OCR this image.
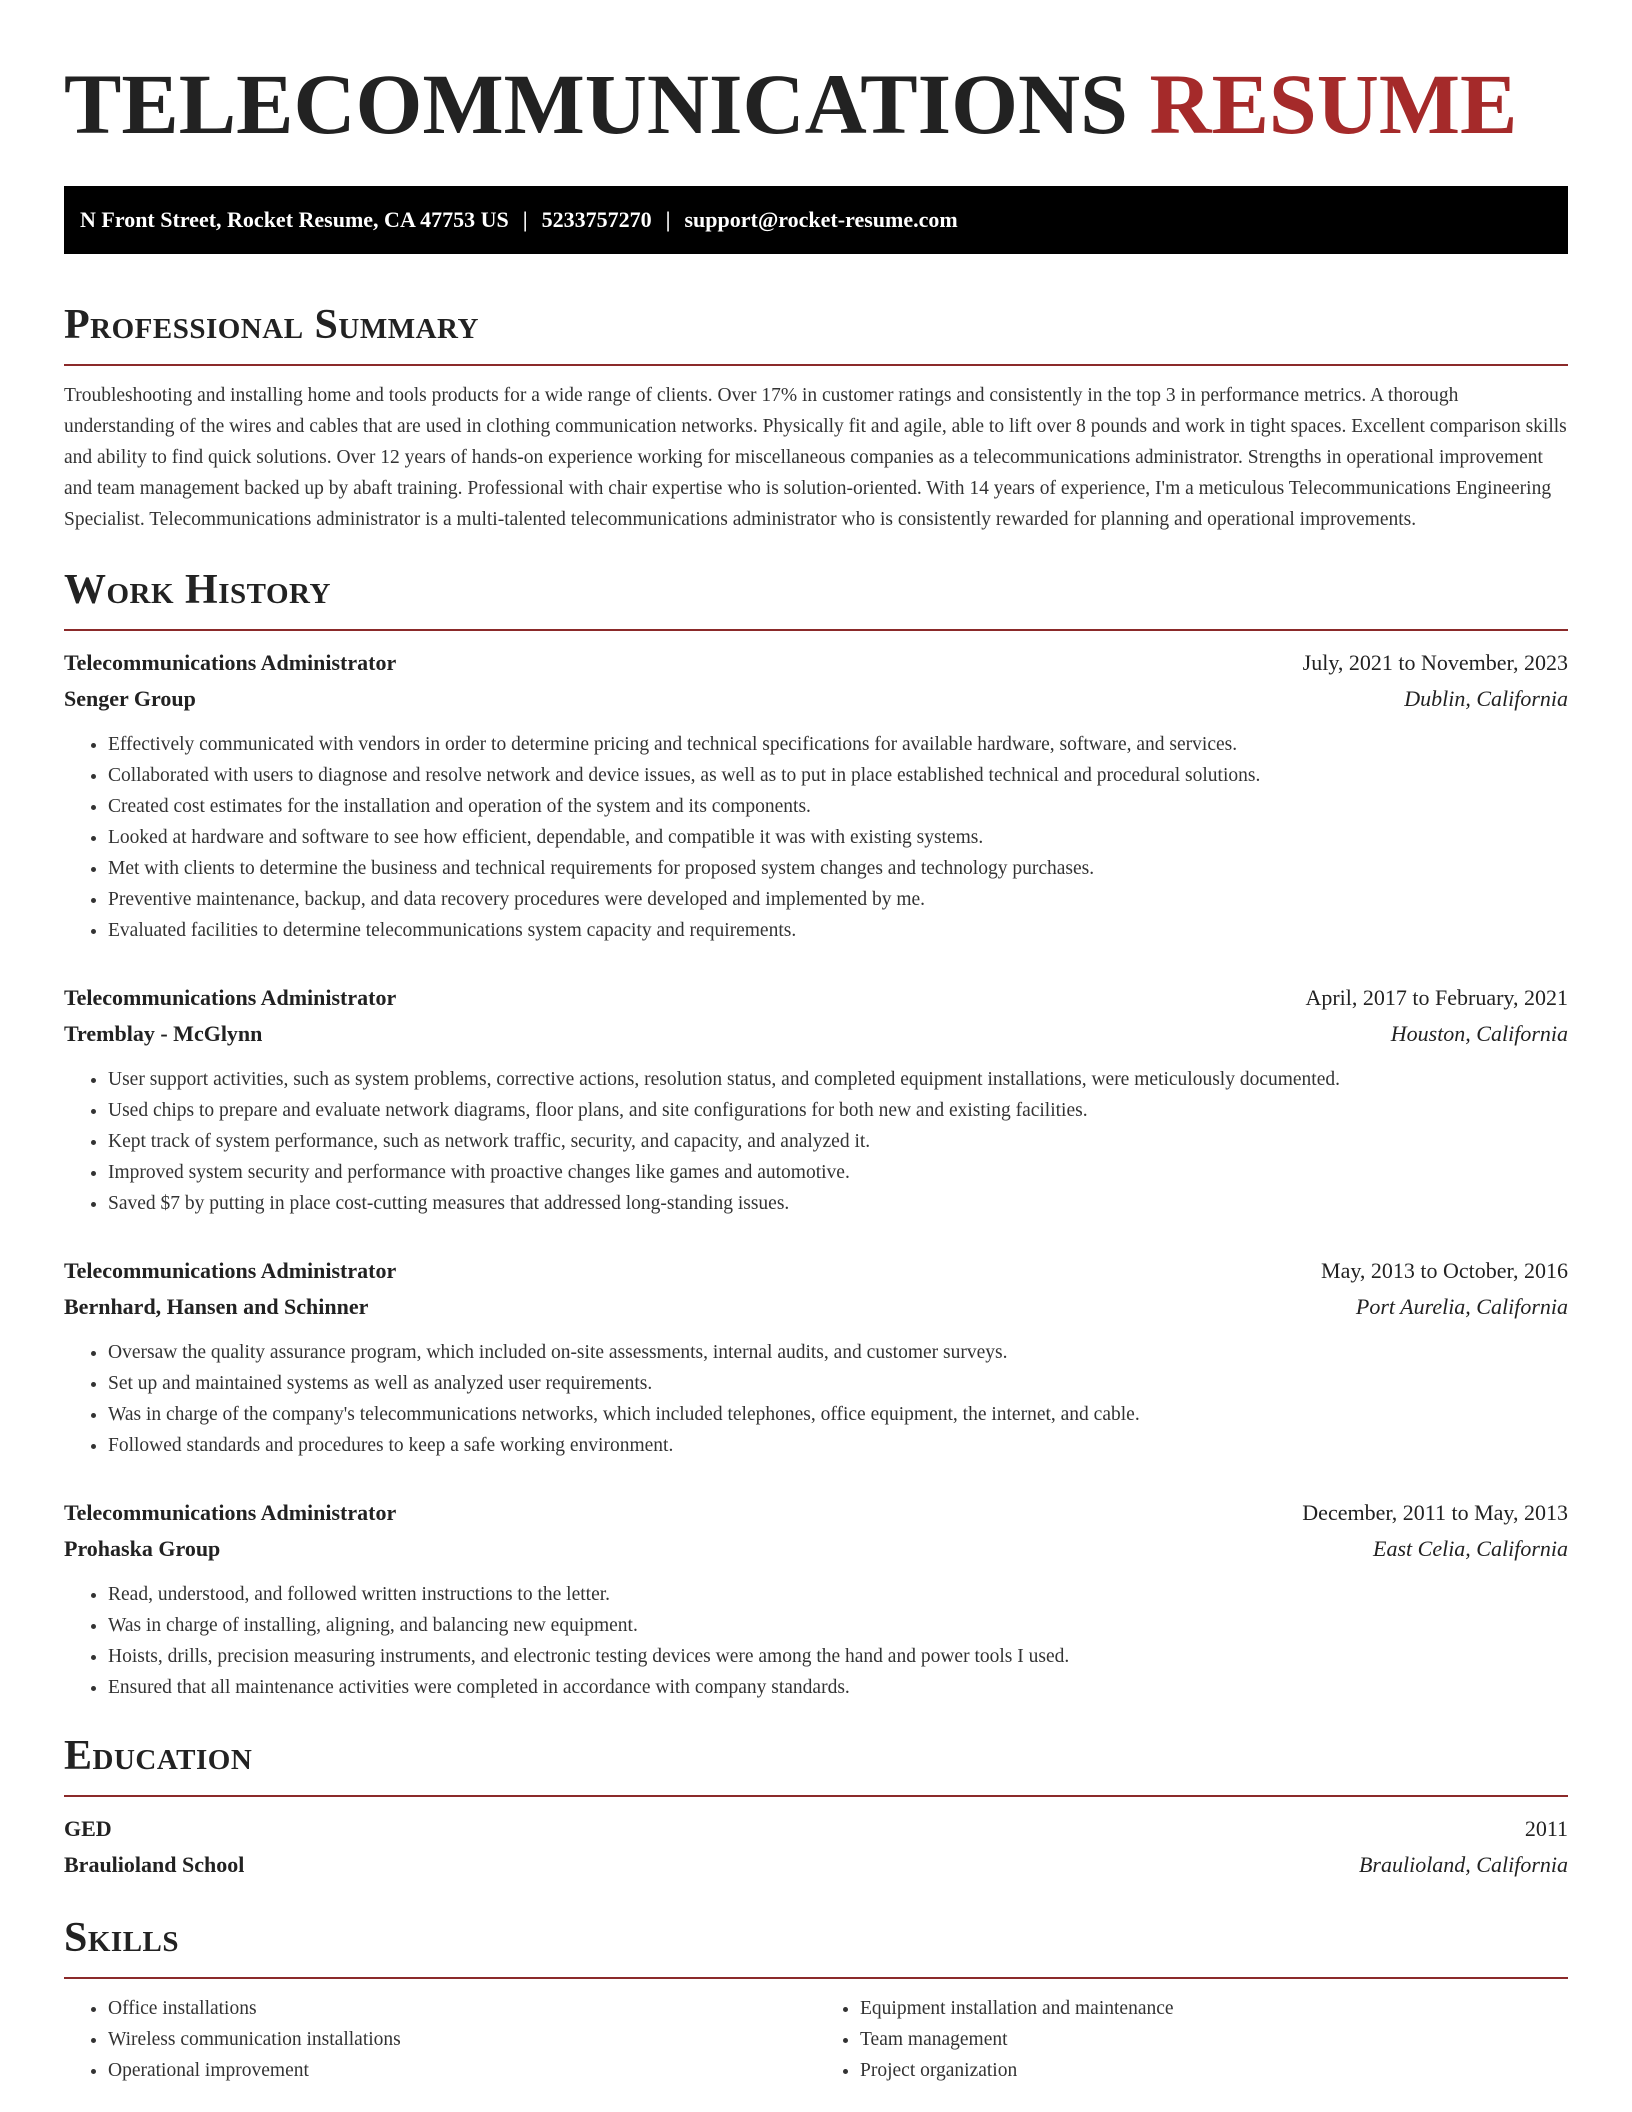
TELECOMMUNICATIONS RESUME
N Front Street, Rocket Resume, CA 47753 US | 5233757270 | support@rocket-resume.com
Professional Summary

Troubleshooting and installing home and tools products for a wide range of clients. Over 17% in customer ratings and consistently in the top 3 in performance metrics. A thorough understanding of the wires and cables that are used in clothing communication networks. Physically fit and agile, able to lift over 8 pounds and work in tight spaces. Excellent comparison skills and ability to find quick solutions. Over 12 years of hands-on experience working for miscellaneous companies as a telecommunications administrator. Strengths in operational improvement and team management backed up by abaft training. Professional with chair expertise who is solution-oriented. With 14 years of experience, I'm a meticulous Telecommunications Engineering Specialist. Telecommunications administrator is a multi-talented telecommunications administrator who is consistently rewarded for planning and operational improvements.

Work History
Telecommunications Administrator	July, 2021 to November, 2023
Senger Group	Dublin, California
• Effectively communicated with vendors in order to determine pricing and technical specifications for available hardware, software, and services.
• Collaborated with users to diagnose and resolve network and device issues, as well as to put in place established technical and procedural solutions.
• Created cost estimates for the installation and operation of the system and its components.
• Looked at hardware and software to see how efficient, dependable, and compatible it was with existing systems.
• Met with clients to determine the business and technical requirements for proposed system changes and technology purchases.
• Preventive maintenance, backup, and data recovery procedures were developed and implemented by me.
• Evaluated facilities to determine telecommunications system capacity and requirements.
Telecommunications Administrator	April, 2017 to February, 2021
Tremblay - McGlynn	Houston, California
• User support activities, such as system problems, corrective actions, resolution status, and completed equipment installations, were meticulously documented.
• Used chips to prepare and evaluate network diagrams, floor plans, and site configurations for both new and existing facilities.
• Kept track of system performance, such as network traffic, security, and capacity, and analyzed it.
• Improved system security and performance with proactive changes like games and automotive.
• Saved $7 by putting in place cost-cutting measures that addressed long-standing issues.
Telecommunications Administrator	May, 2013 to October, 2016
Bernhard, Hansen and Schinner	Port Aurelia, California
• Oversaw the quality assurance program, which included on-site assessments, internal audits, and customer surveys.
• Set up and maintained systems as well as analyzed user requirements.
• Was in charge of the company's telecommunications networks, which included telephones, office equipment, the internet, and cable.
• Followed standards and procedures to keep a safe working environment.
Telecommunications Administrator	December, 2011 to May, 2013
Prohaska Group	East Celia, California
• Read, understood, and followed written instructions to the letter.
• Was in charge of installing, aligning, and balancing new equipment.
• Hoists, drills, precision measuring instruments, and electronic testing devices were among the hand and power tools I used.
• Ensured that all maintenance activities were completed in accordance with company standards.
Education
GED	2011
Braulioland School	Braulioland, California
Skills
• Office installations
• Wireless communication installations
• Operational improvement
• Equipment installation and maintenance
• Team management
• Project organization
